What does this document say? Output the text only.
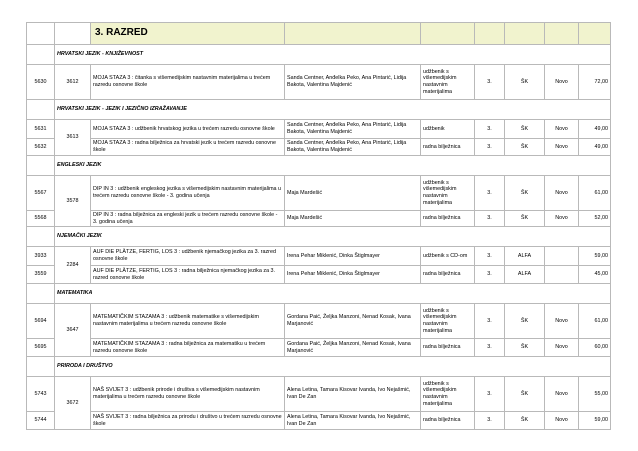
		3. RAZRED						
	HRVATSKI JEZIK - KNJIŽEVNOST							
5630	3612	MOJA STAZA 3 : čitanka s višemedijskim nastavnim materijalima u trećem razredu osnovne škole	Sanda Centner, Anđelka Peko, Ana Pintarić, Lidija Bakota, Valentina Majdenić	udžbenik s višemedijskim nastavnim materijalima	3.	ŠK	Novo	72,00
	HRVATSKI JEZIK - JEZIK I JEZIČNO IZRAŽAVANJE							
5631	3613	MOJA STAZA 3 : udžbenik hrvatskog jezika u trećem razredu osnovne škole	Sanda Centner, Anđelka Peko, Ana Pintarić, Lidija Bakota, Valentina Majdenić	udžbenik	3.	ŠK	Novo	49,00
5632		MOJA STAZA 3 : radna bilježnica za hrvatski jezik u trećem razredu osnovne škole	Sanda Centner, Anđelka Peko, Ana Pintarić, Lidija Bakota, Valentina Majdenić	radna bilježnica	3.	ŠK	Novo	49,00
	ENGLESKI JEZIK							
5567	3578	DIP IN 3 : udžbenik engleskog jezika s višemedijskim nastavnim materijalima u trećem razredu osnovne škole - 3. godina učenja	Maja Mardešić	udžbenik s višemedijskim nastavnim materijalima	3.	ŠK	Novo	61,00
5568		DIP IN 3 : radna bilježnica za engleski jezik u trećem razredu osnovne škole - 3. godina učenja	Maja Mardešić	radna bilježnica	3.	ŠK	Novo	52,00
	NJEMAČKI JEZIK							
3933	2284	AUF DIE PLÄTZE, FERTIG, LOS 3 : udžbenik njemačkog jezika za 3. razred osnovne škole	Irena Pehar Miklenić, Dinka Štiglmayer	udžbenik s CD-om	3.	ALFA		59,00
3559		AUF DIE PLÄTZE, FERTIG, LOS 3 : radna bilježnica njemačkog jezika za 3. razred osnovne škole	Irena Pehar Miklenić, Dinka Štiglmayer	radna bilježnica	3.	ALFA		45,00
	MATEMATIKA							
5694	3647	MATEMATIČKIM STAZAMA 3 : udžbenik matematike s višemedijskim nastavnim materijalima u trećem razredu osnovne škole	Gordana Paić, Željka Manzoni, Nenad Kosak, Ivana Marjanović	udžbenik s višemedijskim nastavnim materijalima	3.	ŠK	Novo	61,00
5695		MATEMATIČKIM STAZAMA 3 : radna bilježnica za matematiku u trećem razredu osnovne škole	Gordana Paić, Željka Manzoni, Nenad Kosak, Ivana Marjanović	radna bilježnica	3.	ŠK	Novo	60,00
	PRIRODA I DRUŠTVO							
5743	3672	NAŠ SVIJET 3 : udžbenik prirode i društva s višemedijskim nastavnim materijalima u trećem razredu osnovne škole	Alena Letina, Tamara Kisovar Ivanda, Ivo Nejašmić, Ivan De Zan	udžbenik s višemedijskim nastavnim materijalima	3.	ŠK	Novo	55,00
5744		NAŠ SVIJET 3 : radna bilježnica za prirodu i društvo u trećem razredu osnovne škole	Alena Letina, Tamara Kisovar Ivanda, Ivo Nejašmić, Ivan De Zan	radna bilježnica	3.	ŠK	Novo	59,00
